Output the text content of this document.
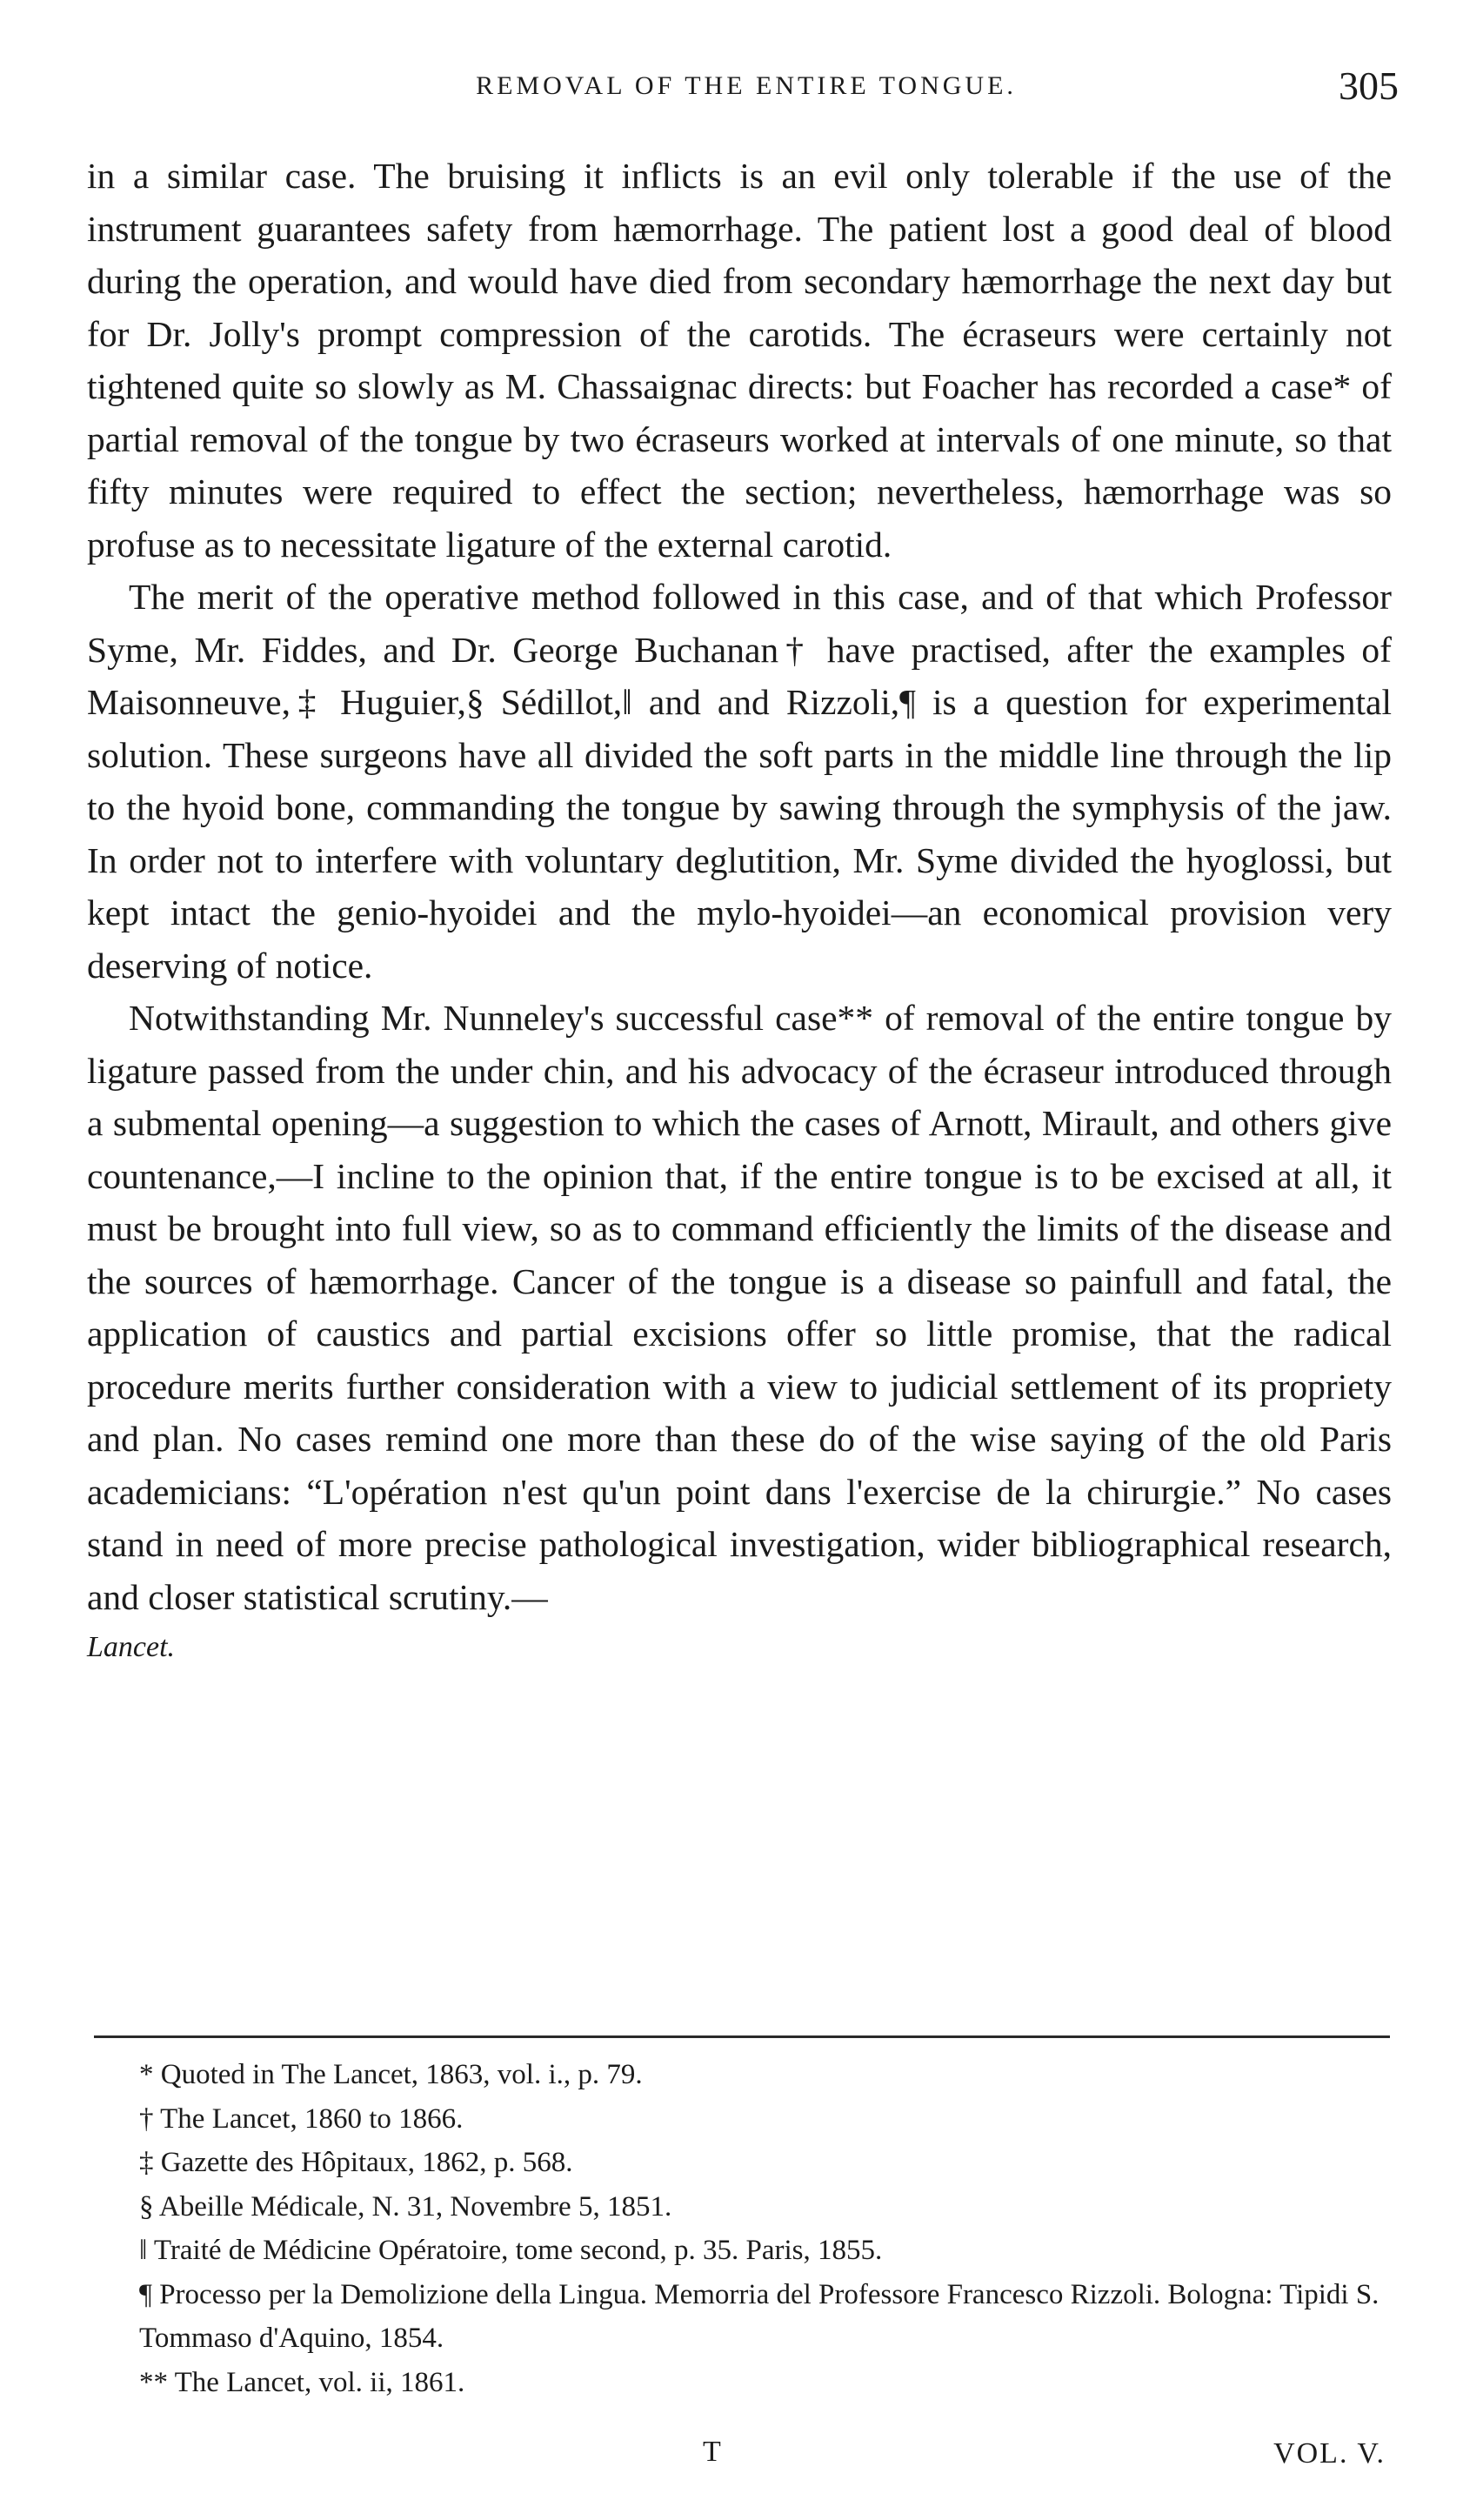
REMOVAL OF THE ENTIRE TONGUE.	305

in a similar case. The bruising it inflicts is an evil only tolerable if the use of the instrument guarantees safety from hæmorrhage. The patient lost a good deal of blood during the operation, and would have died from secondary hæmorrhage the next day but for Dr. Jolly's prompt compression of the carotids. The écraseurs were certainly not tightened quite so slowly as M. Chassaignac directs: but Foacher has recorded a case* of partial removal of the tongue by two écraseurs worked at intervals of one minute, so that fifty minutes were required to effect the section; nevertheless, hæmorrhage was so profuse as to necessitate ligature of the external carotid.

The merit of the operative method followed in this case, and of that which Professor Syme, Mr. Fiddes, and Dr. George Buchanan† have practised, after the examples of Maisonneuve,‡ Huguier,§ Sédillot,‖ and and Rizzoli,¶ is a question for experimental solution. These surgeons have all divided the soft parts in the middle line through the lip to the hyoid bone, commanding the tongue by sawing through the symphysis of the jaw. In order not to interfere with voluntary deglutition, Mr. Syme divided the hyoglossi, but kept intact the genio-hyoidei and the mylo-hyoidei—an economical provision very deserving of notice.

Notwithstanding Mr. Nunneley's successful case** of removal of the entire tongue by ligature passed from the under chin, and his advocacy of the écraseur introduced through a submental opening—a suggestion to which the cases of Arnott, Mirault, and others give countenance,—I incline to the opinion that, if the entire tongue is to be excised at all, it must be brought into full view, so as to command efficiently the limits of the disease and the sources of hæmorrhage. Cancer of the tongue is a disease so painfull and fatal, the application of caustics and partial excisions offer so little promise, that the radical procedure merits further consideration with a view to judicial settlement of its propriety and plan. No cases remind one more than these do of the wise saying of the old Paris academicians: “L'opération n'est qu'un point dans l'exercise de la chirurgie.” No cases stand in need of more precise pathological investigation, wider bibliographical research, and closer statistical scrutiny.—

Lancet.

* Quoted in The Lancet, 1863, vol. i., p. 79.

† The Lancet, 1860 to 1866.

‡ Gazette des Hôpitaux, 1862, p. 568.

§ Abeille Médicale, N. 31, Novembre 5, 1851.

‖ Traité de Médicine Opératoire, tome second, p. 35. Paris, 1855.

¶ Processo per la Demolizione della Lingua. Memorria del Professore Francesco Rizzoli. Bologna: Tipidi S. Tommaso d'Aquino, 1854.

** The Lancet, vol. ii, 1861.

T	VOL. V.
